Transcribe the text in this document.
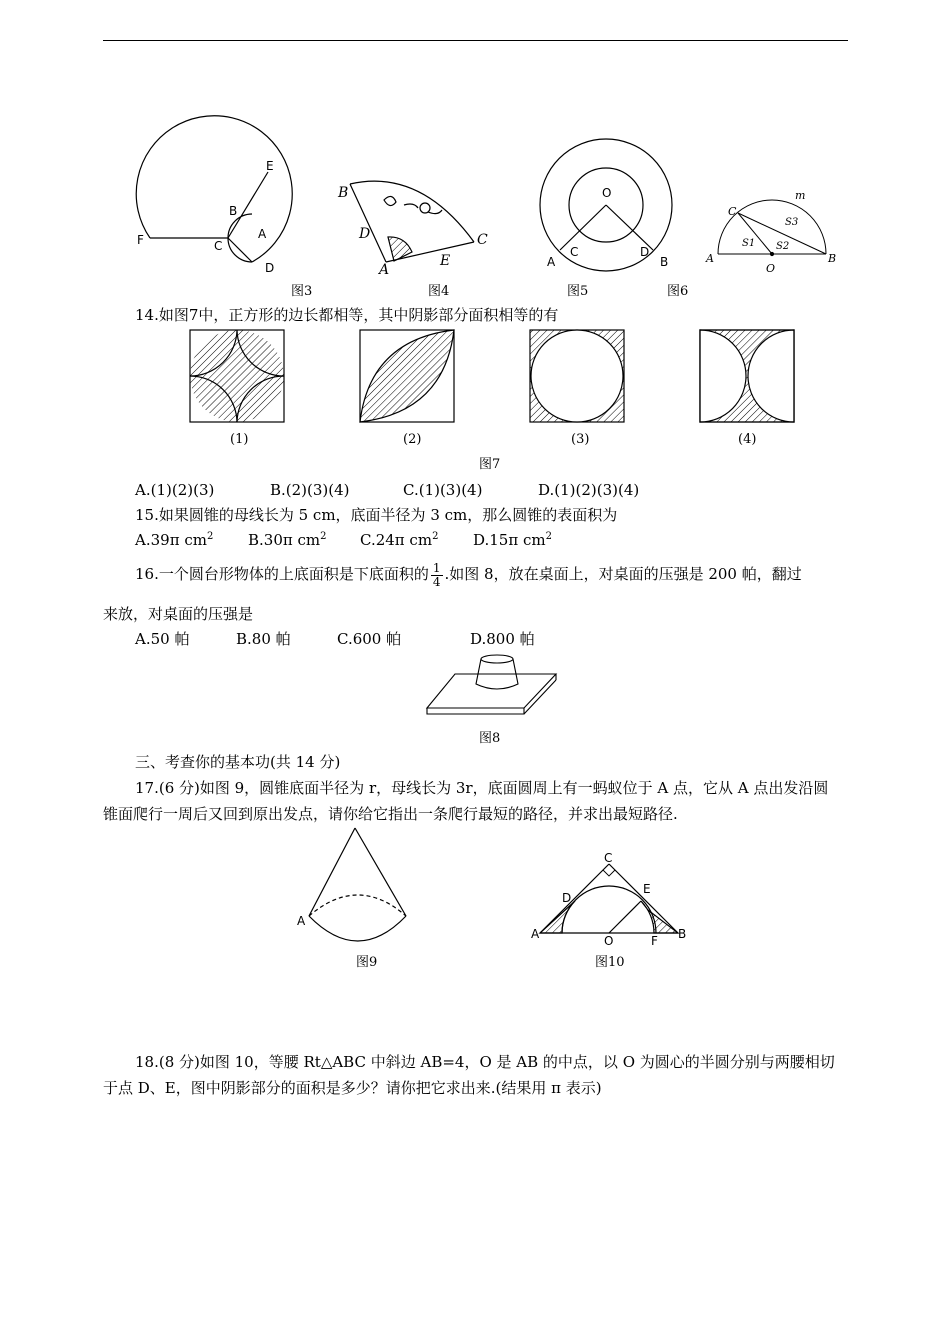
E
B
A
F	C
D
B
C
D
A
E
O
A
C	D
B
m
C
S3
S1 S2
A
O
B
A
C
D
E
A	O	F B
图3	图4	图5	图6
14.如图7中，正方形的边长都相等，其中阴影部分面积相等的有
(1)	(2)	(3)	(4)
图7
A.(1)(2)(3)	B.(2)(3)(4)	C.(1)(3)(4)	D.(1)(2)(3)(4)
15.如果圆锥的母线长为 5 cm，底面半径为 3 cm，那么圆锥的表面积为
A.39π $cm^2$ B.30π $cm^2$ C.24π $cm^2$ D.15π $cm^2$
16.一个圆台形物体的上底面积是下底面积的 $\frac{1}{4}$ .如图 8，放在桌面上，对桌面的压强是 200 帕，翻过
来放，对桌面的压强是
A.50 帕	B.80 帕	C.600 帕	D.800 帕
图8
三、考查你的基本功(共 14 分)
17.(6 分)如图 9，圆锥底面半径为 r，母线长为 3r，底面圆周上有一蚂蚁位于 A 点，它从 A 点出发沿圆
锥面爬行一周后又回到原出发点，请你给它指出一条爬行最短的路径，并求出最短路径.
图9	图10
18.(8 分)如图 10，等腰 Rt△ABC 中斜边 AB=4，O 是 AB 的中点，以 O 为圆心的半圆分别与两腰相切
于点 D、E，图中阴影部分的面积是多少？请你把它求出来.(结果用 π 表示)
